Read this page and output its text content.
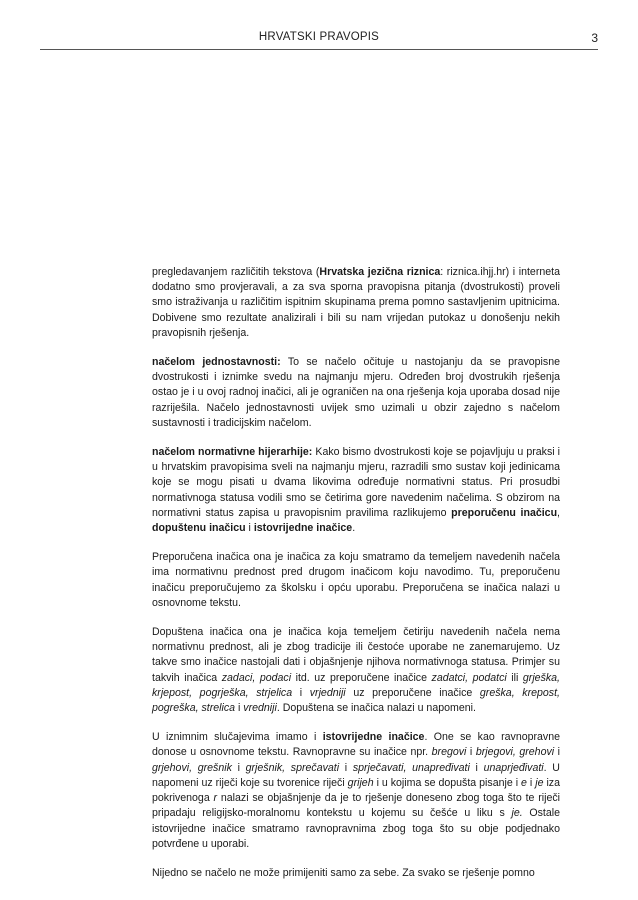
HRVATSKI PRAVOPIS	3

pregledavanjem različitih tekstova (Hrvatska jezična riznica: riznica.ihjj.hr) i interneta dodatno smo provjeravali, a za sva sporna pravopisna pitanja (dvostrukosti) proveli smo istraživanja u različitim ispitnim skupinama prema pomno sastavljenim upitnicima. Dobivene smo rezultate analizirali i bili su nam vrijedan putokaz u donošenju nekih pravopisnih rješenja.

načelom jednostavnosti: To se načelo očituje u nastojanju da se pravopisne dvostrukosti i iznimke svedu na najmanju mjeru. Određen broj dvostrukih rješenja ostao je i u ovoj radnoj inačici, ali je ograničen na ona rješenja koja uporaba dosad nije razriješila. Načelo jednostavnosti uvijek smo uzimali u obzir zajedno s načelom sustavnosti i tradicijskim načelom.

načelom normativne hijerarhije: Kako bismo dvostrukosti koje se pojavljuju u praksi i u hrvatskim pravopisima sveli na najmanju mjeru, razradili smo sustav koji jedinicama koje se mogu pisati u dvama likovima određuje normativni status. Pri prosudbi normativnoga statusa vodili smo se četirima gore navedenim načelima. S obzirom na normativni status zapisa u pravopisnim pravilima razlikujemo preporučenu inačicu, dopuštenu inačicu i istovrijedne inačice.

Preporučena inačica ona je inačica za koju smatramo da temeljem navedenih načela ima normativnu prednost pred drugom inačicom koju navodimo. Tu, preporučenu inačicu preporučujemo za školsku i opću uporabu. Preporučena se inačica nalazi u osnovnome tekstu.

Dopuštena inačica ona je inačica koja temeljem četiriju navedenih načela nema normativnu prednost, ali je zbog tradicije ili čestoće uporabe ne zanemarujemo. Uz takve smo inačice nastojali dati i objašnjenje njihova normativnoga statusa. Primjer su takvih inačica zadaci, podaci itd. uz preporučene inačice zadatci, podatci ili grješka, krjepost, pogrješka, strjelica i vrjedniji uz preporučene inačice greška, krepost, pogreška, strelica i vredniji. Dopuštena se inačica nalazi u napomeni.

U iznimnim slučajevima imamo i istovrijedne inačice. One se kao ravnopravne donose u osnovnome tekstu. Ravnopravne su inačice npr. bregovi i brjegovi, grehovi i grjehovi, grešnik i grješnik, sprečavati i sprječavati, unapređivati i unaprjeđivati. U napomeni uz riječi koje su tvorenice riječi grijeh i u kojima se dopušta pisanje i e i je iza pokrivenoga r nalazi se objašnjenje da je to rješenje doneseno zbog toga što te riječi pripadaju religijsko-moralnomu kontekstu u kojemu su češće u liku s je. Ostale istovrijedne inačice smatramo ravnopravnima zbog toga što su obje podjednako potvrđene u uporabi.

Nijedno se načelo ne može primijeniti samo za sebe. Za svako se rješenje pomno
